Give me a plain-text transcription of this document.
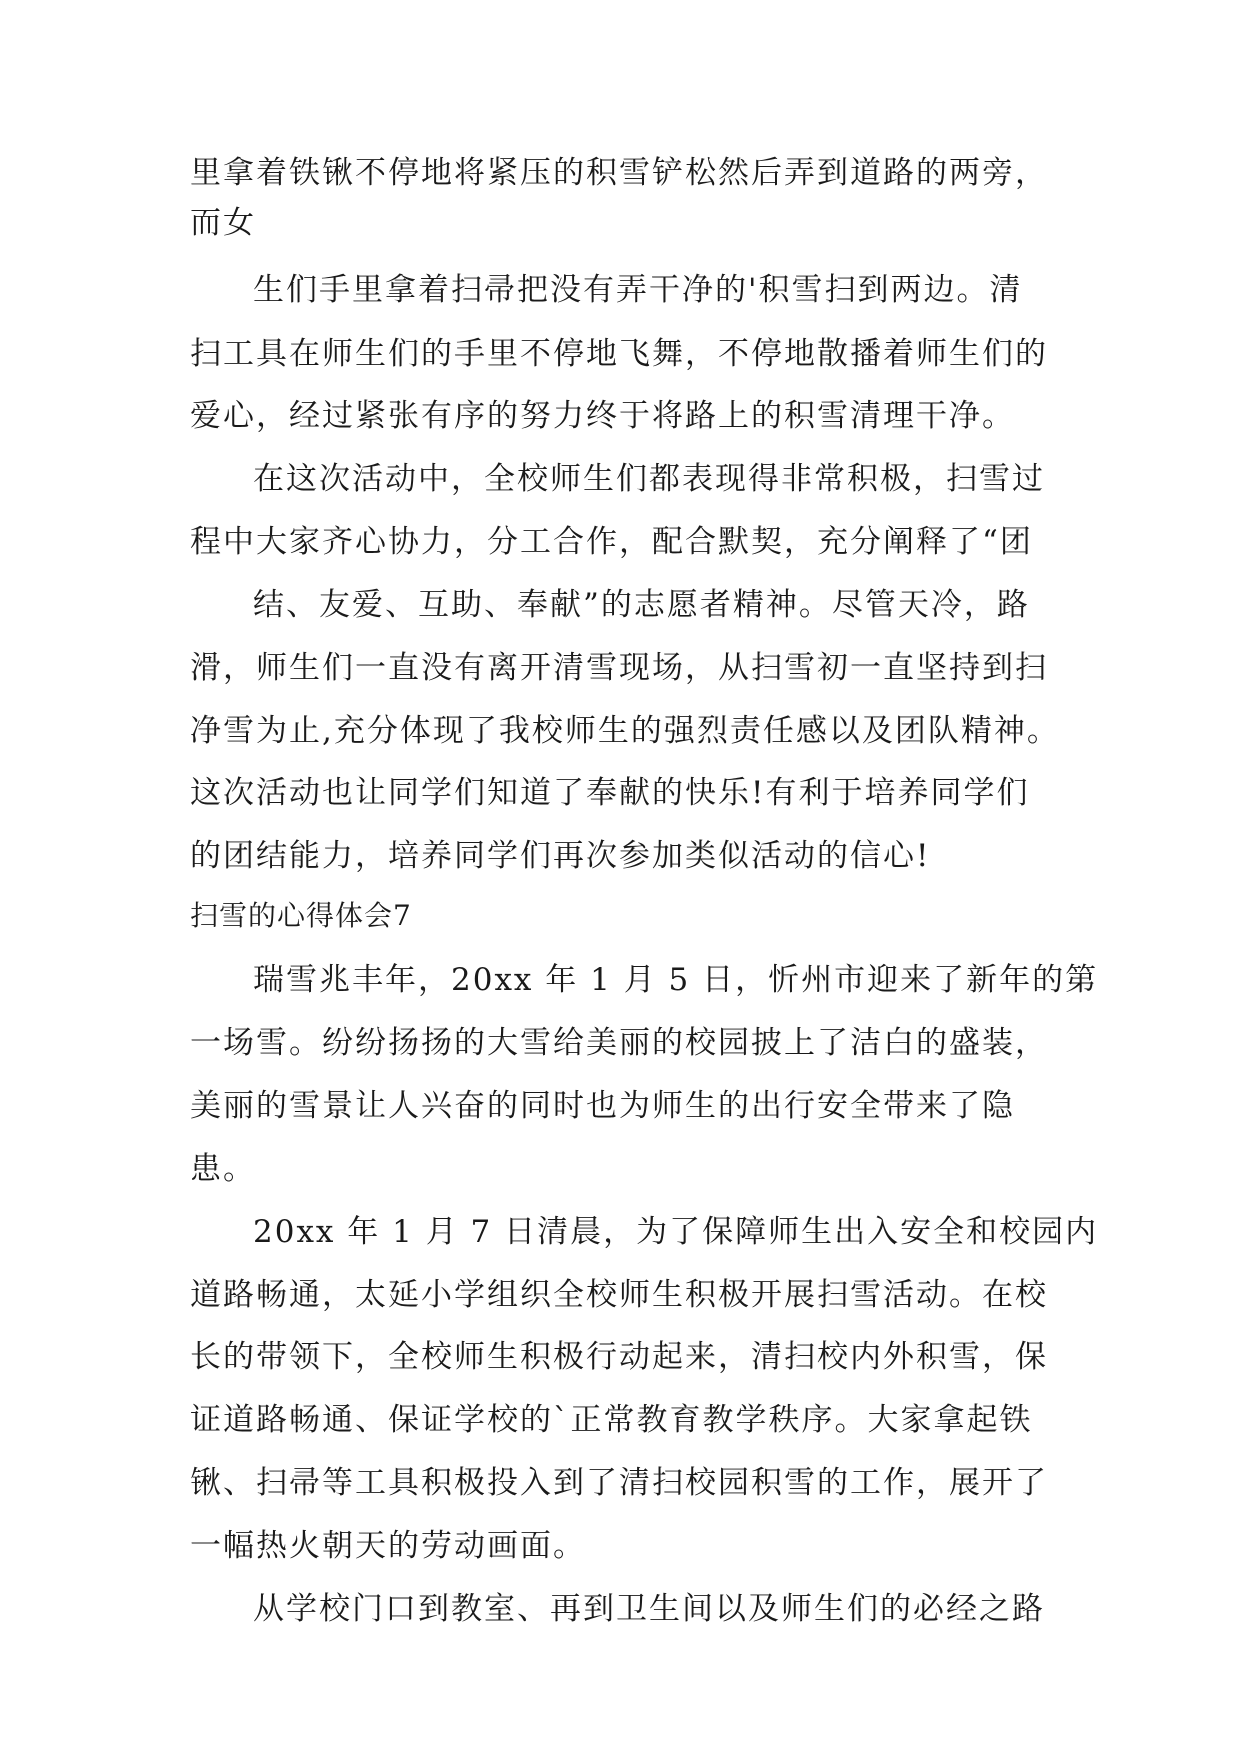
里拿着铁锹不停地将紧压的积雪铲松然后弄到道路的两旁，
而女
生们手里拿着扫帚把没有弄干净的'积雪扫到两边。清
扫工具在师生们的手里不停地飞舞，不停地散播着师生们的
爱心，经过紧张有序的努力终于将路上的积雪清理干净。
在这次活动中，全校师生们都表现得非常积极，扫雪过
程中大家齐心协力，分工合作，配合默契，充分阐释了“团
结、友爱、互助、奉献”的志愿者精神。尽管天冷，路
滑，师生们一直没有离开清雪现场，从扫雪初一直坚持到扫
净雪为止,充分体现了我校师生的强烈责任感以及团队精神。
这次活动也让同学们知道了奉献的快乐!有利于培养同学们
的团结能力，培养同学们再次参加类似活动的信心!
扫雪的心得体会7
瑞雪兆丰年，20xx 年 1 月 5 日，忻州市迎来了新年的第
一场雪。纷纷扬扬的大雪给美丽的校园披上了洁白的盛装，
美丽的雪景让人兴奋的同时也为师生的出行安全带来了隐
患。
20xx 年 1 月 7 日清晨，为了保障师生出入安全和校园内
道路畅通，太延小学组织全校师生积极开展扫雪活动。在校
长的带领下，全校师生积极行动起来，清扫校内外积雪，保
证道路畅通、保证学校的`正常教育教学秩序。大家拿起铁
锹、扫帚等工具积极投入到了清扫校园积雪的工作，展开了
一幅热火朝天的劳动画面。
从学校门口到教室、再到卫生间以及师生们的必经之路
